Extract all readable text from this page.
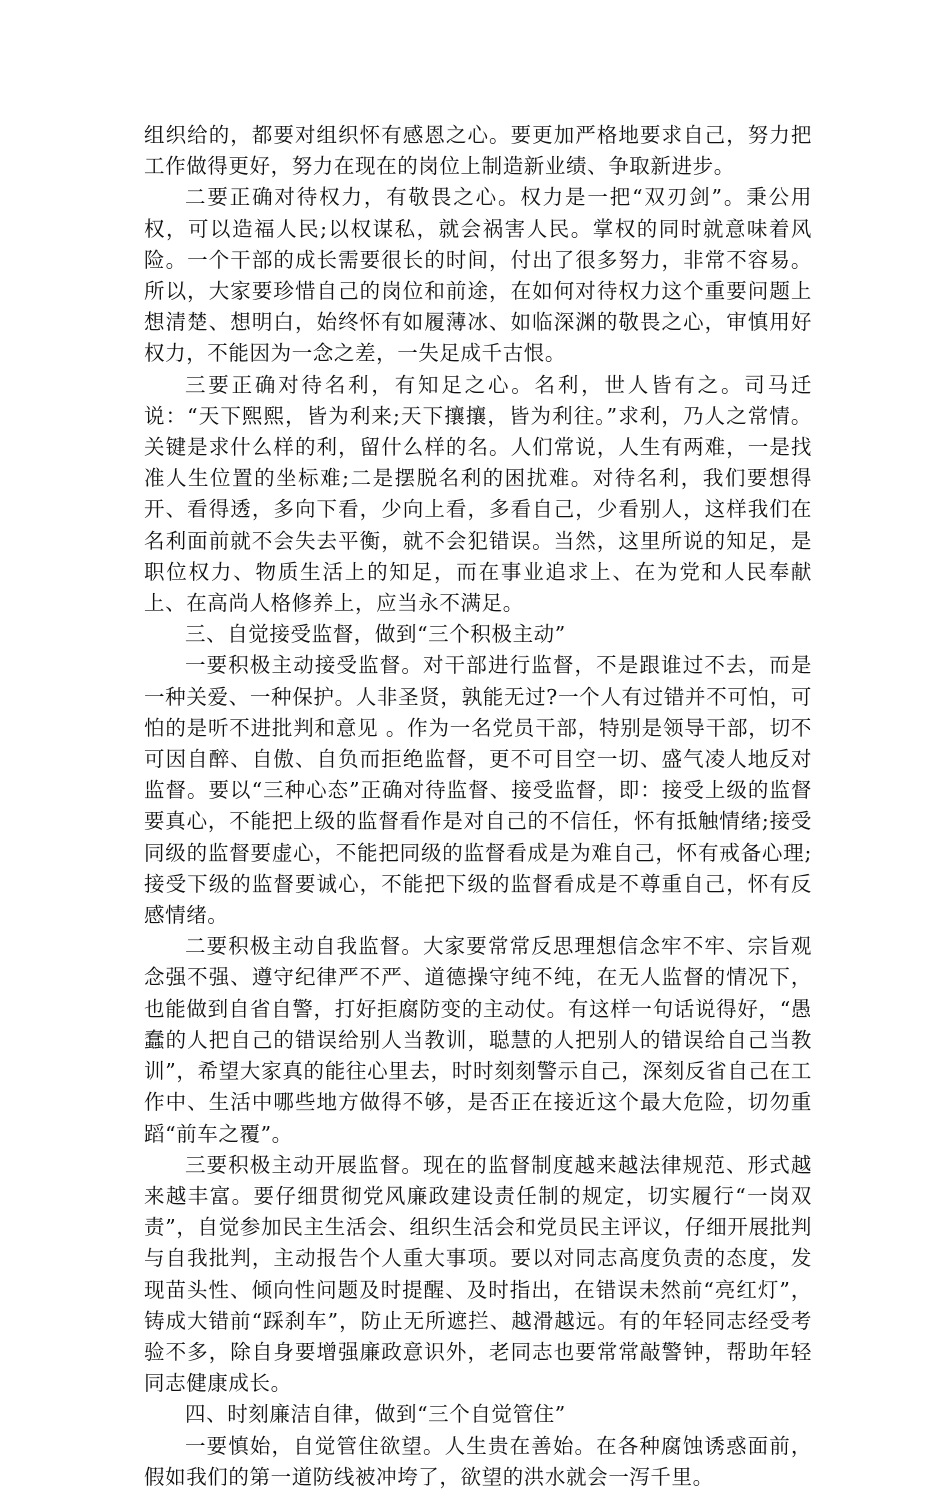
组织给的，都要对组织怀有感恩之心。要更加严格地要求自己，努力把工作做得更好，努力在现在的岗位上制造新业绩、争取新进步。

二要正确对待权力，有敬畏之心。权力是一把“双刃剑”。秉公用权，可以造福人民;以权谋私，就会祸害人民。掌权的同时就意味着风险。一个干部的成长需要很长的时间，付出了很多努力，非常不容易。所以，大家要珍惜自己的岗位和前途，在如何对待权力这个重要问题上想清楚、想明白，始终怀有如履薄冰、如临深渊的敬畏之心，审慎用好权力，不能因为一念之差，一失足成千古恨。

三要正确对待名利，有知足之心。名利，世人皆有之。司马迁说：“天下熙熙，皆为利来;天下攘攘，皆为利往。”求利，乃人之常情。关键是求什么样的利，留什么样的名。人们常说，人生有两难，一是找准人生位置的坐标难;二是摆脱名利的困扰难。对待名利，我们要想得开、看得透，多向下看，少向上看，多看自己，少看别人，这样我们在名利面前就不会失去平衡，就不会犯错误。当然，这里所说的知足，是职位权力、物质生活上的知足，而在事业追求上、在为党和人民奉献上、在高尚人格修养上，应当永不满足。

三、自觉接受监督，做到“三个积极主动”

一要积极主动接受监督。对干部进行监督，不是跟谁过不去，而是一种关爱、一种保护。人非圣贤，孰能无过?一个人有过错并不可怕，可怕的是听不进批判和意见 。作为一名党员干部，特别是领导干部，切不可因自醉、自傲、自负而拒绝监督，更不可目空一切、盛气凌人地反对监督。要以“三种心态”正确对待监督、接受监督，即：接受上级的监督要真心，不能把上级的监督看作是对自己的不信任，怀有抵触情绪;接受同级的监督要虚心，不能把同级的监督看成是为难自己，怀有戒备心理;接受下级的监督要诚心，不能把下级的监督看成是不尊重自己，怀有反感情绪。

二要积极主动自我监督。大家要常常反思理想信念牢不牢、宗旨观念强不强、遵守纪律严不严、道德操守纯不纯，在无人监督的情况下，也能做到自省自警，打好拒腐防变的主动仗。有这样一句话说得好，“愚蠢的人把自己的错误给别人当教训，聪慧的人把别人的错误给自己当教训”，希望大家真的能往心里去，时时刻刻警示自己，深刻反省自己在工作中、生活中哪些地方做得不够，是否正在接近这个最大危险，切勿重蹈“前车之覆”。

三要积极主动开展监督。现在的监督制度越来越法律规范、形式越来越丰富。要仔细贯彻党风廉政建设责任制的规定，切实履行“一岗双责”，自觉参加民主生活会、组织生活会和党员民主评议，仔细开展批判与自我批判，主动报告个人重大事项。要以对同志高度负责的态度，发现苗头性、倾向性问题及时提醒、及时指出，在错误未然前“亮红灯”，铸成大错前“踩刹车”，防止无所遮拦、越滑越远。有的年轻同志经受考验不多，除自身要增强廉政意识外，老同志也要常常敲警钟，帮助年轻同志健康成长。

四、时刻廉洁自律，做到“三个自觉管住”

一要慎始，自觉管住欲望。人生贵在善始。在各种腐蚀诱惑面前，假如我们的第一道防线被冲垮了，欲望的洪水就会一泻千里。
